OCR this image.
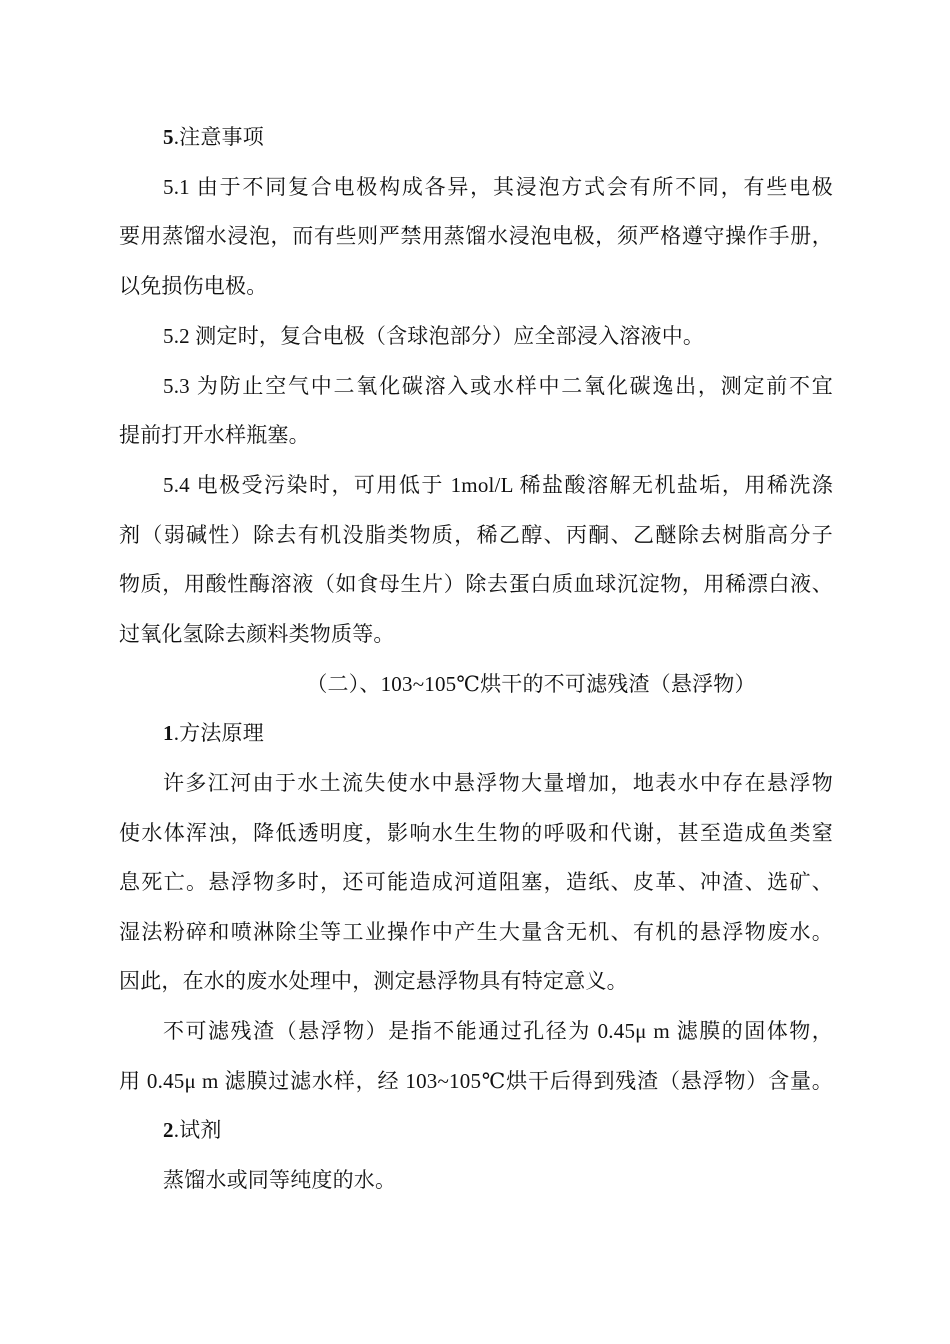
5.注意事项
5.1 由于不同复合电极构成各异，其浸泡方式会有所不同，有些电极
要用蒸馏水浸泡，而有些则严禁用蒸馏水浸泡电极，须严格遵守操作手册，
以免损伤电极。
5.2 测定时，复合电极（含球泡部分）应全部浸入溶液中。
5.3 为防止空气中二氧化碳溶入或水样中二氧化碳逸出，测定前不宜
提前打开水样瓶塞。
5.4 电极受污染时，可用低于 1mol/L 稀盐酸溶解无机盐垢，用稀洗涤
剂（弱碱性）除去有机没脂类物质，稀乙醇、丙酮、乙醚除去树脂高分子
物质，用酸性酶溶液（如食母生片）除去蛋白质血球沉淀物，用稀漂白液、
过氧化氢除去颜料类物质等。
（二）、103~105℃烘干的不可滤残渣（悬浮物）
1.方法原理
许多江河由于水土流失使水中悬浮物大量增加，地表水中存在悬浮物
使水体浑浊，降低透明度，影响水生生物的呼吸和代谢，甚至造成鱼类窒
息死亡。悬浮物多时，还可能造成河道阻塞，造纸、皮革、冲渣、选矿、
湿法粉碎和喷淋除尘等工业操作中产生大量含无机、有机的悬浮物废水。
因此，在水的废水处理中，测定悬浮物具有特定意义。
不可滤残渣（悬浮物）是指不能通过孔径为 0.45μ m 滤膜的固体物，
用 0.45μ m 滤膜过滤水样，经 103~105℃烘干后得到残渣（悬浮物）含量。
2.试剂
蒸馏水或同等纯度的水。
